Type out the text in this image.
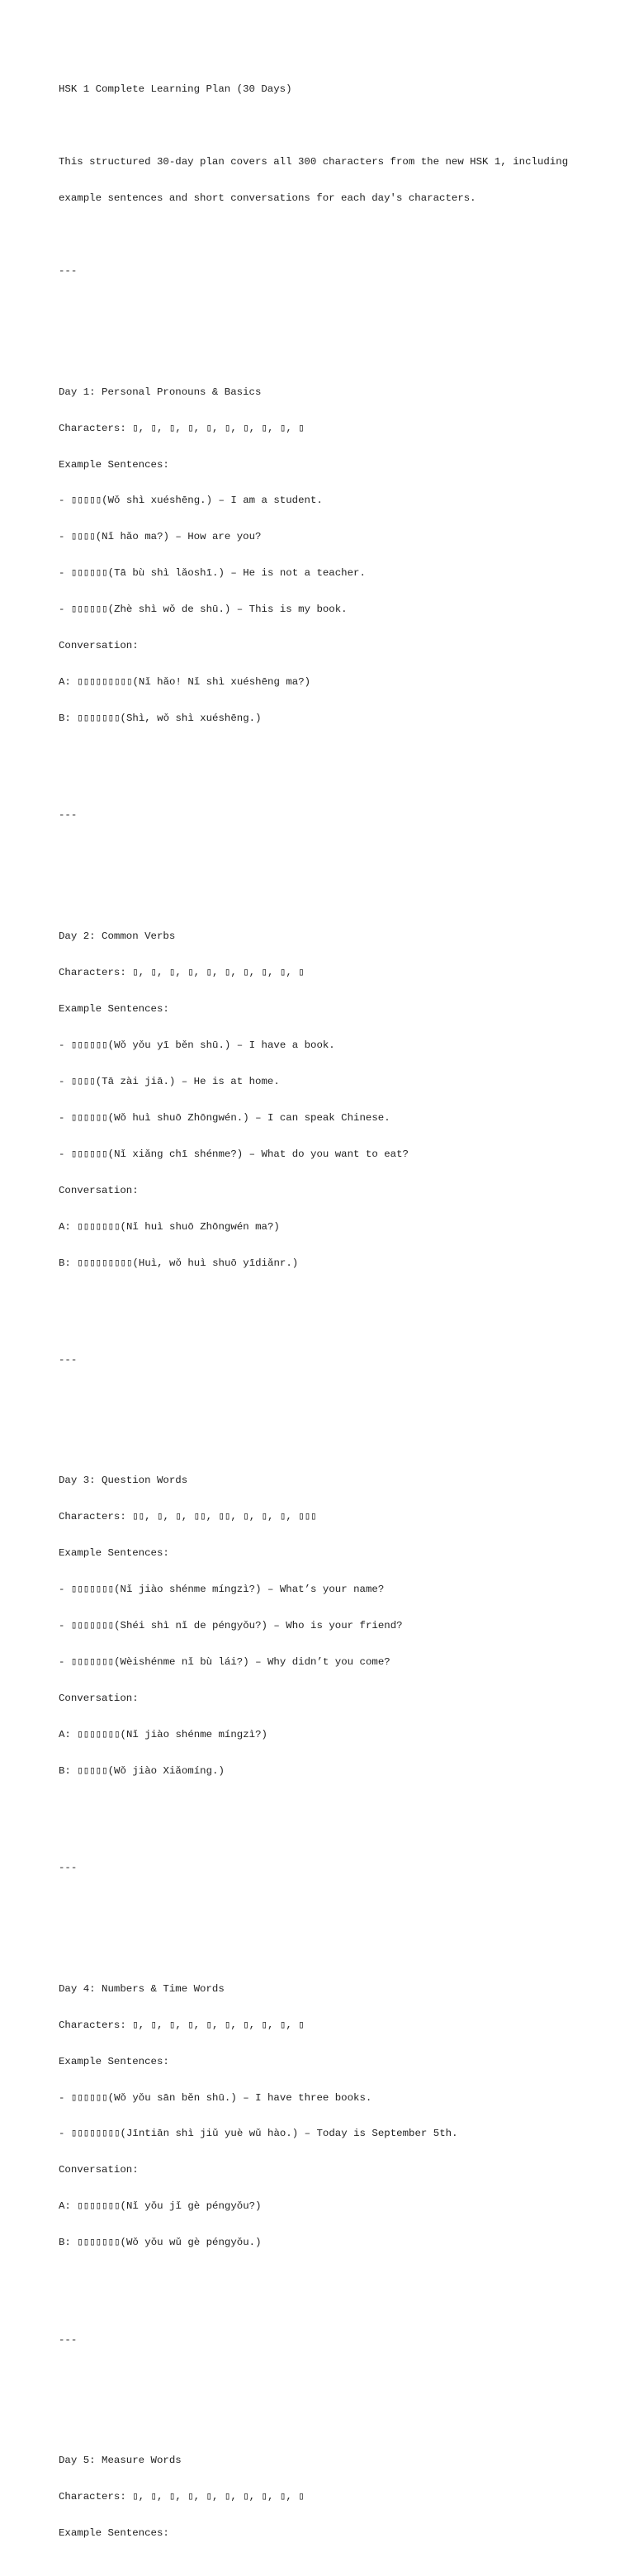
HSK 1 Complete Learning Plan (30 Days)

This structured 30-day plan covers all 300 characters from the new HSK 1, including

example sentences and short conversations for each day's characters.

---

Day 1: Personal Pronouns & Basics

Characters: ▯, ▯, ▯, ▯, ▯, ▯, ▯, ▯, ▯, ▯

Example Sentences:

- ▯▯▯▯▯(Wǒ shì xuéshēng.) – I am a student.

- ▯▯▯▯(Nǐ hǎo ma?) – How are you?

- ▯▯▯▯▯▯(Tā bù shì lǎoshī.) – He is not a teacher.

- ▯▯▯▯▯▯(Zhè shì wǒ de shū.) – This is my book.

Conversation:

A: ▯▯▯▯▯▯▯▯▯(Nǐ hǎo! Nǐ shì xuéshēng ma?)

B: ▯▯▯▯▯▯▯(Shì, wǒ shì xuéshēng.)

---

Day 2: Common Verbs

Characters: ▯, ▯, ▯, ▯, ▯, ▯, ▯, ▯, ▯, ▯

Example Sentences:

- ▯▯▯▯▯▯(Wǒ yǒu yī běn shū.) – I have a book.

- ▯▯▯▯(Tā zài jiā.) – He is at home.

- ▯▯▯▯▯▯(Wǒ huì shuō Zhōngwén.) – I can speak Chinese.

- ▯▯▯▯▯▯(Nǐ xiǎng chī shénme?) – What do you want to eat?

Conversation:

A: ▯▯▯▯▯▯▯(Nǐ huì shuō Zhōngwén ma?)

B: ▯▯▯▯▯▯▯▯▯(Huì, wǒ huì shuō yīdiǎnr.)

---

Day 3: Question Words

Characters: ▯▯, ▯, ▯, ▯▯, ▯▯, ▯, ▯, ▯, ▯▯▯

Example Sentences:

- ▯▯▯▯▯▯▯(Nǐ jiào shénme míngzì?) – What’s your name?

- ▯▯▯▯▯▯▯(Shéi shì nǐ de péngyǒu?) – Who is your friend?

- ▯▯▯▯▯▯▯(Wèishénme nǐ bù lái?) – Why didn’t you come?

Conversation:

A: ▯▯▯▯▯▯▯(Nǐ jiào shénme míngzì?)

B: ▯▯▯▯▯(Wǒ jiào Xiǎomíng.)

---

Day 4: Numbers & Time Words

Characters: ▯, ▯, ▯, ▯, ▯, ▯, ▯, ▯, ▯, ▯

Example Sentences:

- ▯▯▯▯▯▯(Wǒ yǒu sān běn shū.) – I have three books.

- ▯▯▯▯▯▯▯▯(Jīntiān shì jiǔ yuè wǔ hào.) – Today is September 5th.

Conversation:

A: ▯▯▯▯▯▯▯(Nǐ yǒu jǐ gè péngyǒu?)

B: ▯▯▯▯▯▯▯(Wǒ yǒu wǔ gè péngyǒu.)

---

Day 5: Measure Words

Characters: ▯, ▯, ▯, ▯, ▯, ▯, ▯, ▯, ▯, ▯

Example Sentences:
